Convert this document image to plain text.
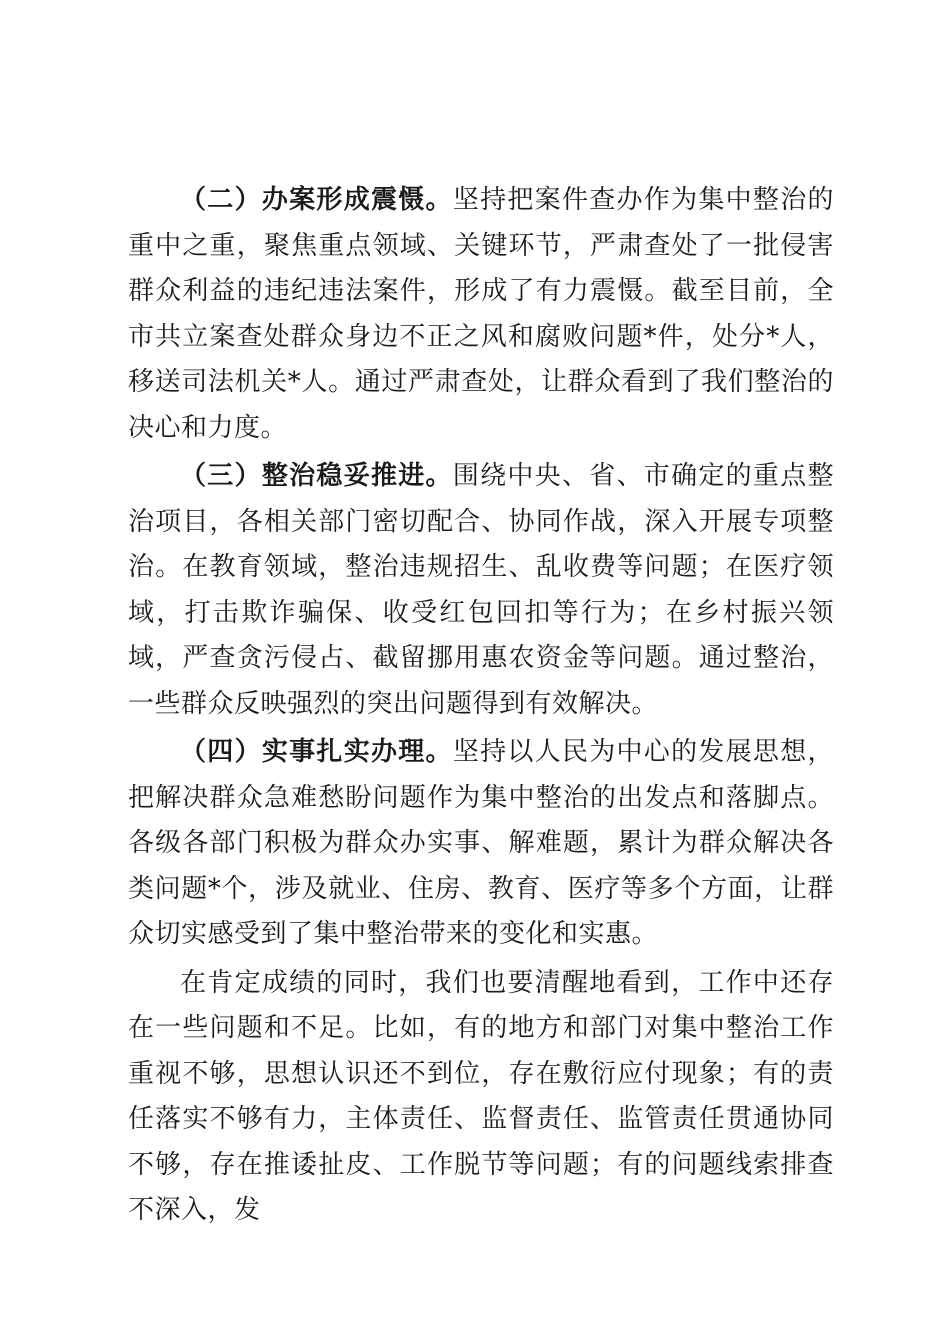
（二）办案形成震慑。坚持把案件查办作为集中整治的重中之重，聚焦重点领域、关键环节，严肃查处了一批侵害群众利益的违纪违法案件，形成了有力震慑。截至目前，全市共立案查处群众身边不正之风和腐败问题*件，处分*人，移送司法机关*人。通过严肃查处，让群众看到了我们整治的决心和力度。

（三）整治稳妥推进。围绕中央、省、市确定的重点整治项目，各相关部门密切配合、协同作战，深入开展专项整治。在教育领域，整治违规招生、乱收费等问题；在医疗领域，打击欺诈骗保、收受红包回扣等行为；在乡村振兴领域，严查贪污侵占、截留挪用惠农资金等问题。通过整治，一些群众反映强烈的突出问题得到有效解决。

（四）实事扎实办理。坚持以人民为中心的发展思想，把解决群众急难愁盼问题作为集中整治的出发点和落脚点。各级各部门积极为群众办实事、解难题，累计为群众解决各类问题*个，涉及就业、住房、教育、医疗等多个方面，让群众切实感受到了集中整治带来的变化和实惠。

在肯定成绩的同时，我们也要清醒地看到，工作中还存在一些问题和不足。比如，有的地方和部门对集中整治工作重视不够，思想认识还不到位，存在敷衍应付现象；有的责任落实不够有力，主体责任、监督责任、监管责任贯通协同不够，存在推诿扯皮、工作脱节等问题；有的问题线索排查不深入，发
